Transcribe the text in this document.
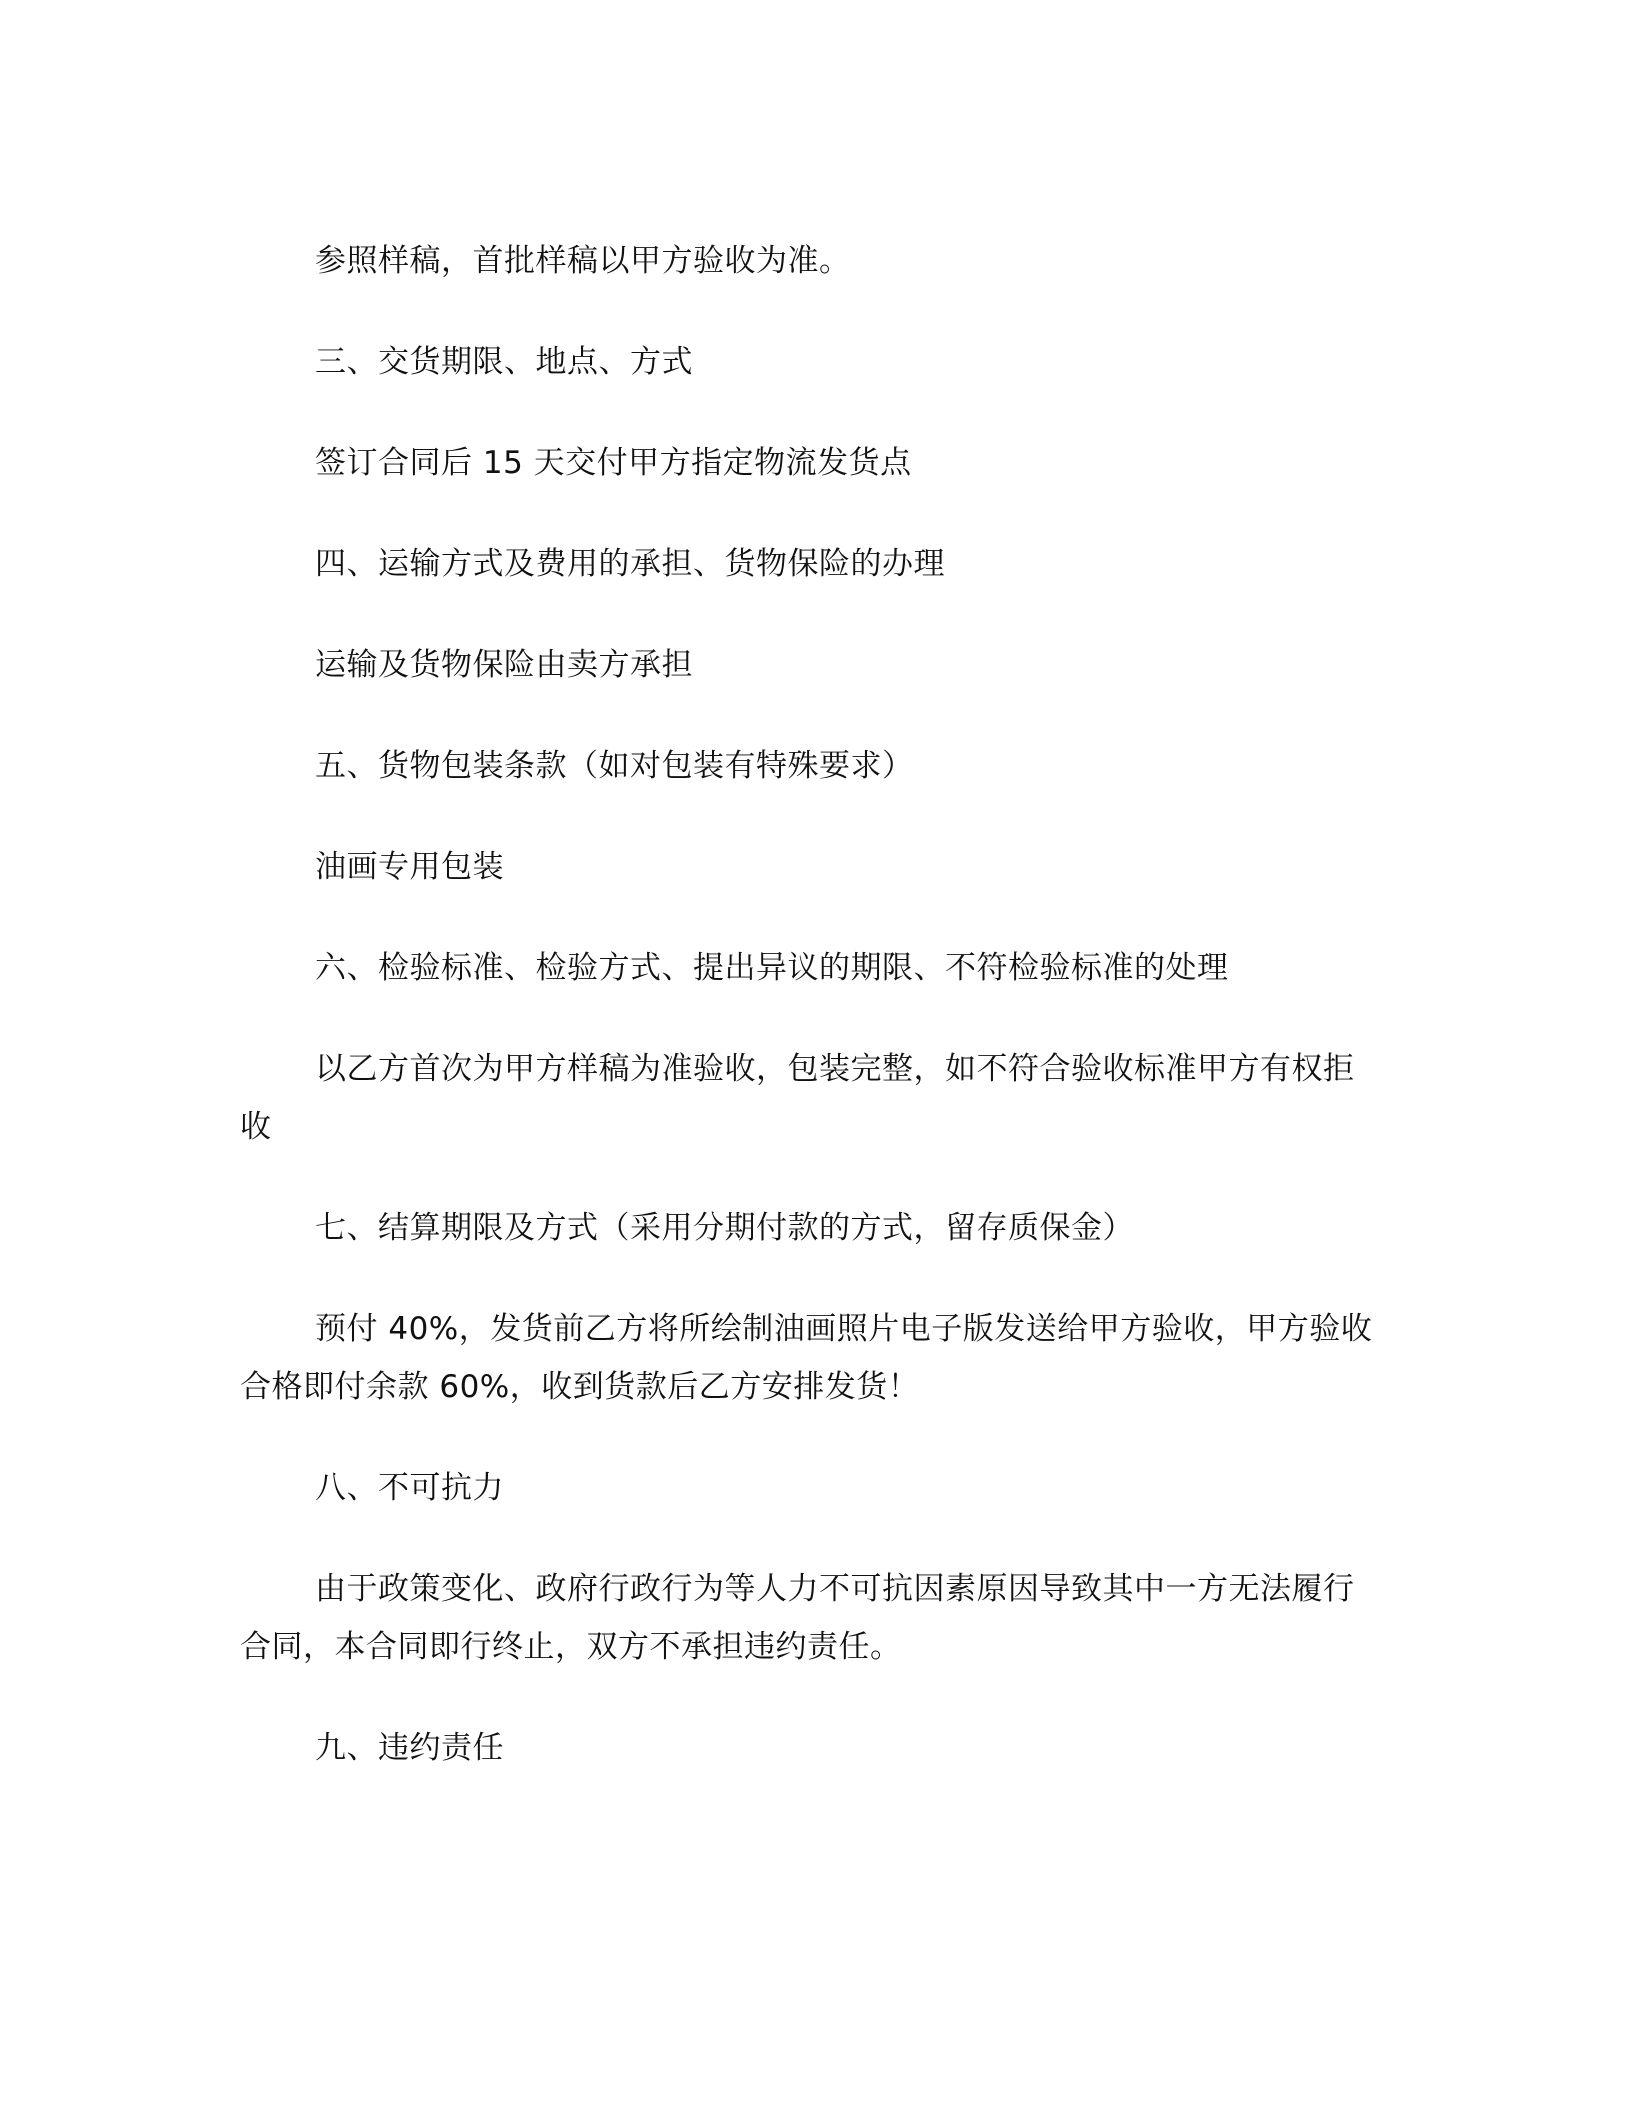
参照样稿，首批样稿以甲方验收为准。

三、交货期限、地点、方式

签订合同后 15 天交付甲方指定物流发货点

四、运输方式及费用的承担、货物保险的办理

运输及货物保险由卖方承担

五、货物包装条款（如对包装有特殊要求）

油画专用包装

六、检验标准、检验方式、提出异议的期限、不符检验标准的处理

以乙方首次为甲方样稿为准验收，包装完整，如不符合验收标准甲方有权拒收

七、结算期限及方式（采用分期付款的方式，留存质保金）

预付 40%，发货前乙方将所绘制油画照片电子版发送给甲方验收，甲方验收合格即付余款 60%，收到货款后乙方安排发货！

八、不可抗力

由于政策变化、政府行政行为等人力不可抗因素原因导致其中一方无法履行合同，本合同即行终止，双方不承担违约责任。

九、违约责任
